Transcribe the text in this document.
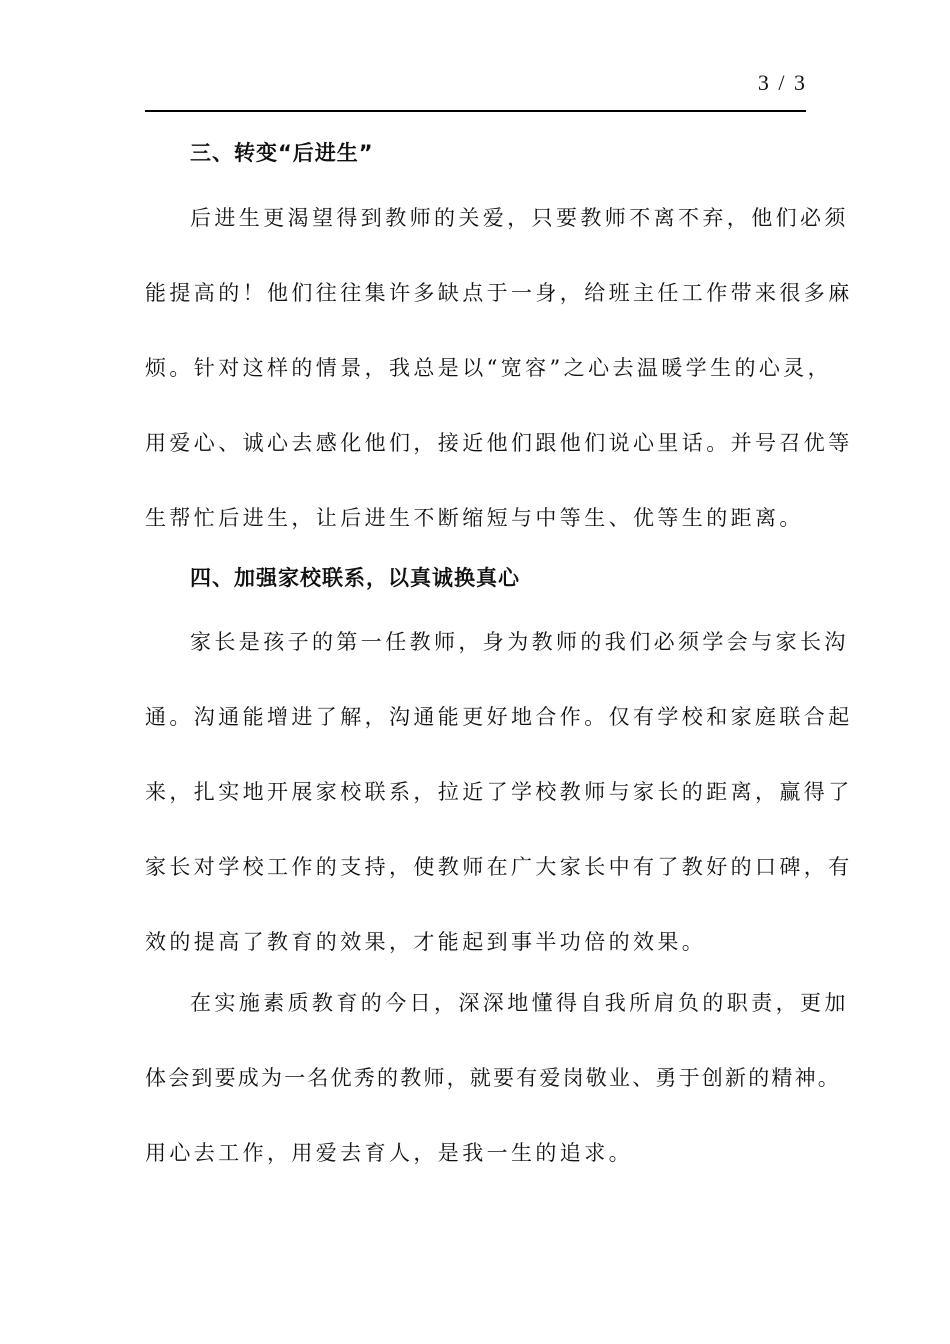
3 / 3
三、转变“后进生”
后进生更渴望得到教师的关爱，只要教师不离不弃，他们必须
能提高的！他们往往集许多缺点于一身，给班主任工作带来很多麻
烦。针对这样的情景，我总是以“宽容”之心去温暖学生的心灵，
用爱心、诚心去感化他们，接近他们跟他们说心里话。并号召优等
生帮忙后进生，让后进生不断缩短与中等生、优等生的距离。
四、加强家校联系，以真诚换真心
家长是孩子的第一任教师，身为教师的我们必须学会与家长沟
通。沟通能增进了解，沟通能更好地合作。仅有学校和家庭联合起
来，扎实地开展家校联系，拉近了学校教师与家长的距离，赢得了
家长对学校工作的支持，使教师在广大家长中有了教好的口碑，有
效的提高了教育的效果，才能起到事半功倍的效果。
在实施素质教育的今日，深深地懂得自我所肩负的职责，更加
体会到要成为一名优秀的教师，就要有爱岗敬业、勇于创新的精神。
用心去工作，用爱去育人，是我一生的追求。
